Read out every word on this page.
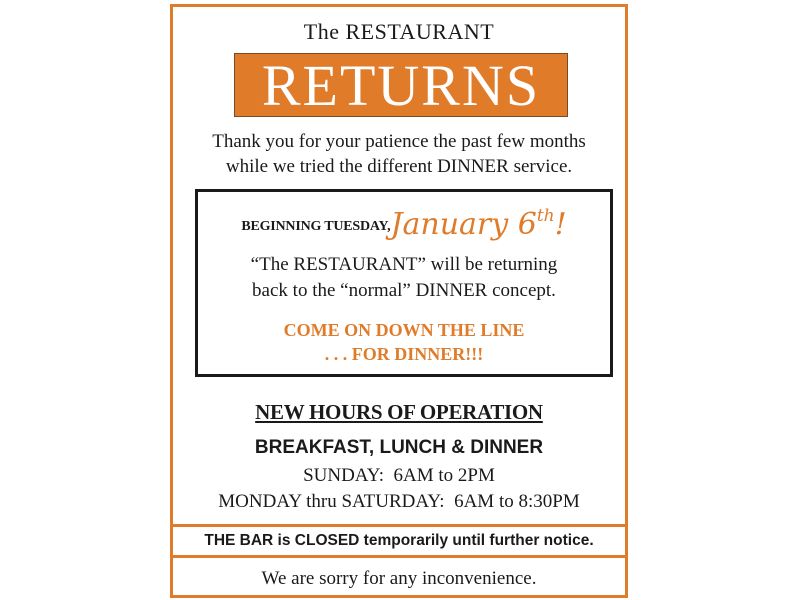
The RESTAURANT
RETURNS
Thank you for your patience the past few months
while we tried the different DINNER service.
BEGINNING TUESDAY,January 6th!
“The RESTAURANT” will be returning
back to the “normal” DINNER concept.
COME ON DOWN THE LINE
. . . FOR DINNER!!!
NEW HOURS OF OPERATION
BREAKFAST, LUNCH & DINNER
SUNDAY:  6AM to 2PM
MONDAY thru SATURDAY:  6AM to 8:30PM
THE BAR is CLOSED temporarily until further notice.
We are sorry for any inconvenience.
